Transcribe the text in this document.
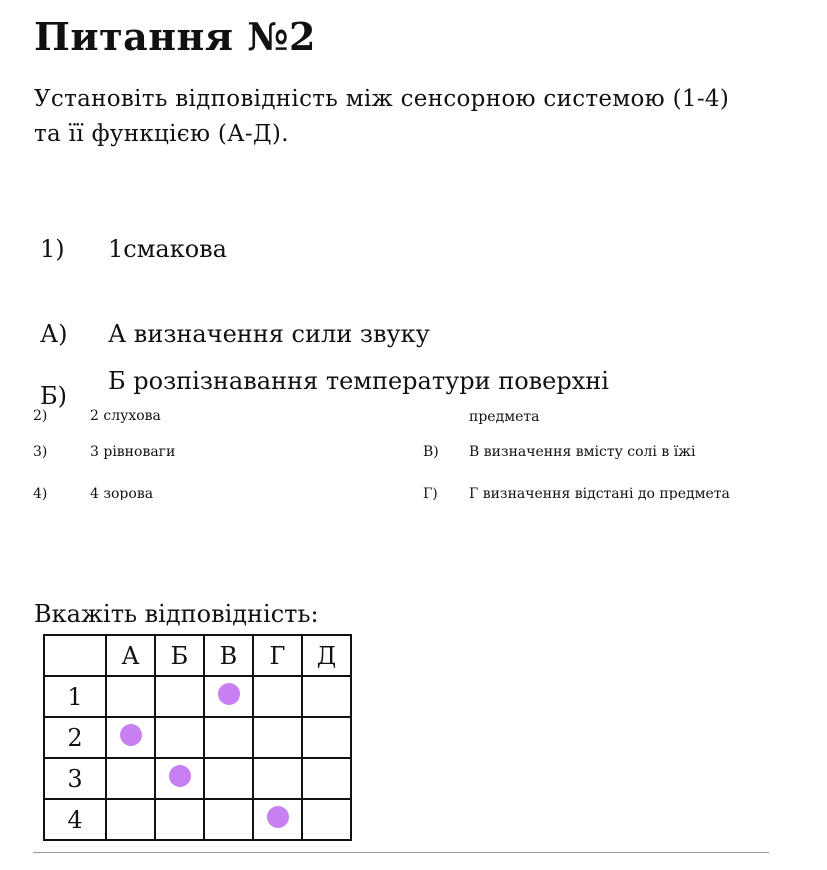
Питання №2
Установіть відповідність між сенсорною системою (1-4)
та її функцією (А-Д).
1) 1смакова
А) А визначення сили звуку
Б)
Б розпізнавання температури поверхні
2)	2 слухова	предмета
3)	3 рівноваги	В) В визначення вмісту солі в їжі
4)	4 зорова	Г) Г визначення відстані до предмета
Вкажіть відповідність:
	А	Б	В	Г	Д
1					
2					
3					
4					
